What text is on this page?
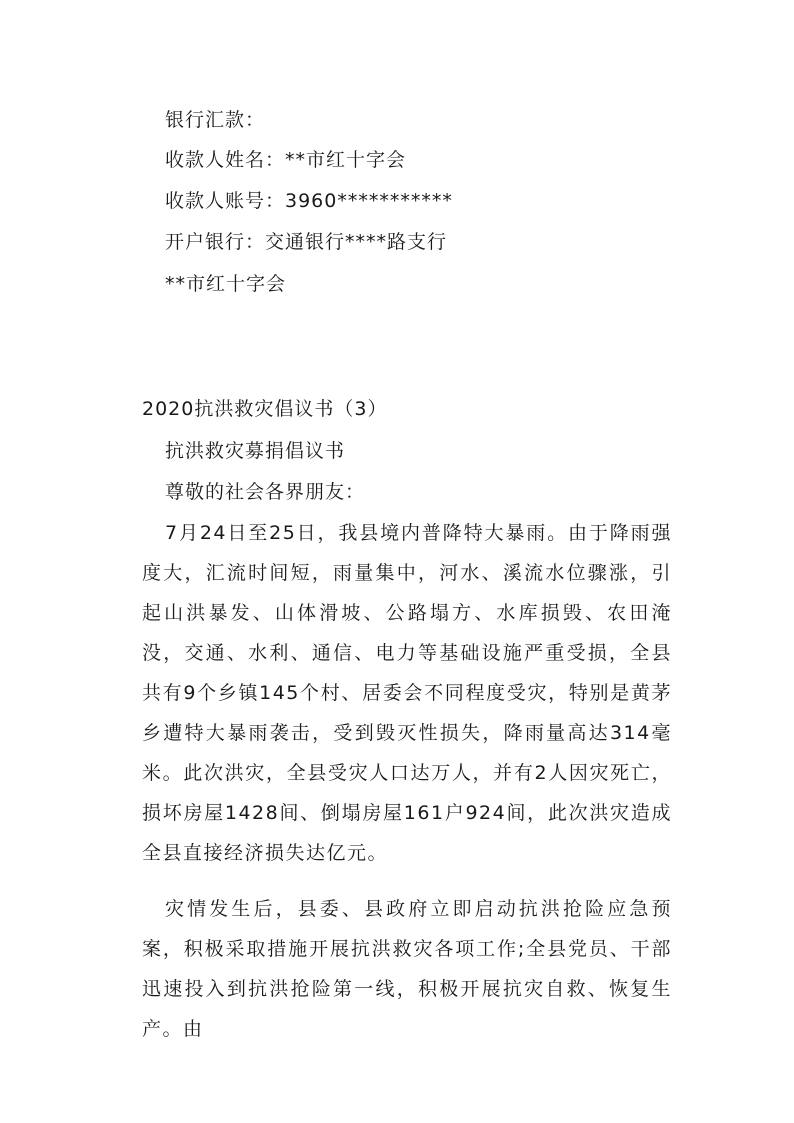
银行汇款：
收款人姓名：**市红十字会
收款人账号：3960***********
开户银行：交通银行****路支行
**市红十字会
2020抗洪救灾倡议书（3）
抗洪救灾募捐倡议书
尊敬的社会各界朋友：

7月24日至25日，我县境内普降特大暴雨。由于降雨强度大，汇流时间短，雨量集中，河水、溪流水位骤涨，引起山洪暴发、山体滑坡、公路塌方、水库损毁、农田淹没，交通、水利、通信、电力等基础设施严重受损，全县共有9个乡镇145个村、居委会不同程度受灾，特别是黄茅乡遭特大暴雨袭击，受到毁灭性损失，降雨量高达314毫米。此次洪灾，全县受灾人口达万人，并有2人因灾死亡，损坏房屋1428间、倒塌房屋161户924间，此次洪灾造成全县直接经济损失达亿元。

灾情发生后，县委、县政府立即启动抗洪抢险应急预案，积极采取措施开展抗洪救灾各项工作;全县党员、干部迅速投入到抗洪抢险第一线，积极开展抗灾自救、恢复生产。由
